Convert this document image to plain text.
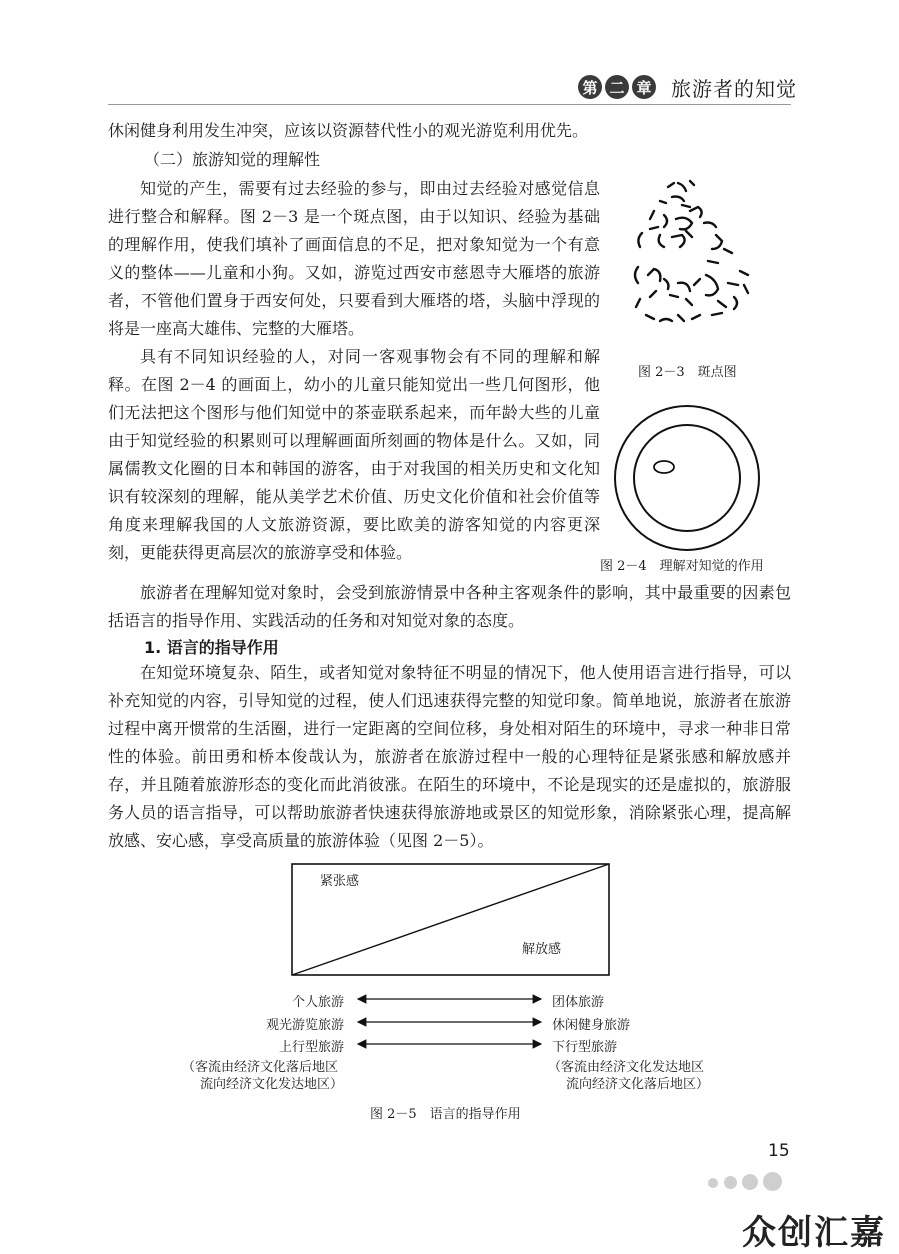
第 二 章 旅游者的知觉

休闲健身利用发生冲突，应该以资源替代性小的观光游览利用优先。

（二）旅游知觉的理解性

知觉的产生，需要有过去经验的参与，即由过去经验对感觉信息进行整合和解释。图 2－3 是一个斑点图，由于以知识、经验为基础的理解作用，使我们填补了画面信息的不足，把对象知觉为一个有意义的整体——儿童和小狗。又如，游览过西安市慈恩寺大雁塔的旅游者，不管他们置身于西安何处，只要看到大雁塔的塔，头脑中浮现的将是一座高大雄伟、完整的大雁塔。

具有不同知识经验的人，对同一客观事物会有不同的理解和解释。在图 2－4 的画面上，幼小的儿童只能知觉出一些几何图形，他们无法把这个图形与他们知觉中的茶壶联系起来，而年龄大些的儿童由于知觉经验的积累则可以理解画面所刻画的物体是什么。又如，同属儒教文化圈的日本和韩国的游客，由于对我国的相关历史和文化知识有较深刻的理解，能从美学艺术价值、历史文化价值和社会价值等角度来理解我国的人文旅游资源，要比欧美的游客知觉的内容更深刻，更能获得更高层次的旅游享受和体验。

旅游者在理解知觉对象时，会受到旅游情景中各种主客观条件的影响，其中最重要的因素包括语言的指导作用、实践活动的任务和对知觉对象的态度。

1. 语言的指导作用

在知觉环境复杂、陌生，或者知觉对象特征不明显的情况下，他人使用语言进行指导，可以补充知觉的内容，引导知觉的过程，使人们迅速获得完整的知觉印象。简单地说，旅游者在旅游过程中离开惯常的生活圈，进行一定距离的空间位移，身处相对陌生的环境中，寻求一种非日常性的体验。前田勇和桥本俊哉认为，旅游者在旅游过程中一般的心理特征是紧张感和解放感并存，并且随着旅游形态的变化而此消彼涨。在陌生的环境中，不论是现实的还是虚拟的，旅游服务人员的语言指导，可以帮助旅游者快速获得旅游地或景区的知觉形象，消除紧张心理，提高解放感、安心感，享受高质量的旅游体验（见图 2－5）。

图 2－3　斑点图
图 2－4　理解对知觉的作用
紧张感
解放感
个人旅游
观光游览旅游
上行型旅游
团体旅游
休闲健身旅游
下行型旅游
（客流由经济文化落后地区
流向经济文化发达地区）
（客流由经济文化发达地区
流向经济文化落后地区）
图 2－5　语言的指导作用
15
众创汇嘉
